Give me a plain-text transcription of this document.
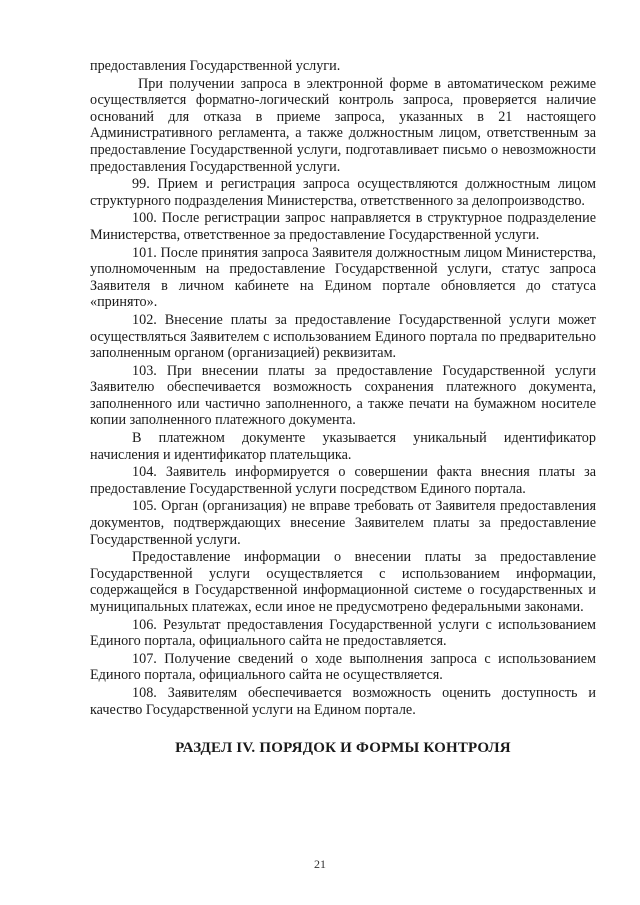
предоставления Государственной услуги.

При получении запроса в электронной форме в автоматическом режиме осуществляется форматно-логический контроль запроса, проверяется наличие оснований для отказа в приеме запроса, указанных в 21 настоящего Административного регламента, а также должностным лицом, ответственным за предоставление Государственной услуги, подготавливает письмо о невозможности предоставления Государственной услуги.

99. Прием и регистрация запроса осуществляются должностным лицом структурного подразделения Министерства, ответственного за делопроизводство.

100. После регистрации запрос направляется в структурное подразделение Министерства, ответственное за предоставление Государственной услуги.

101. После принятия запроса Заявителя должностным лицом Министерства, уполномоченным на предоставление Государственной услуги, статус запроса Заявителя в личном кабинете на Едином портале обновляется до статуса «принято».

102. Внесение платы за предоставление Государственной услуги может осуществляться Заявителем с использованием Единого портала по предварительно заполненным органом (организацией) реквизитам.

103. При внесении платы за предоставление Государственной услуги Заявителю обеспечивается возможность сохранения платежного документа, заполненного или частично заполненного, а также печати на бумажном носителе копии заполненного платежного документа.

В платежном документе указывается уникальный идентификатор начисления и идентификатор плательщика.

104. Заявитель информируется о совершении факта внесния платы за предоставление Государственной услуги посредством Единого портала.

105. Орган (организация) не вправе требовать от Заявителя предоставления документов, подтверждающих внесение Заявителем платы за предоставление Государственной услуги.

Предоставление информации о внесении платы за предоставление Государственной услуги осуществляется с использованием информации, содержащейся в Государственной информационной системе о государственных и муниципальных платежах, если иное не предусмотрено федеральными законами.

106. Результат предоставления Государственной услуги с использованием Единого портала, официального сайта не предоставляется.

107. Получение сведений о ходе выполнения запроса с использованием Единого портала, официального сайта не осуществляется.

108. Заявителям обеспечивается возможность оценить доступность и качество Государственной услуги на Едином портале.

РАЗДЕЛ IV. ПОРЯДОК И ФОРМЫ КОНТРОЛЯ
21
